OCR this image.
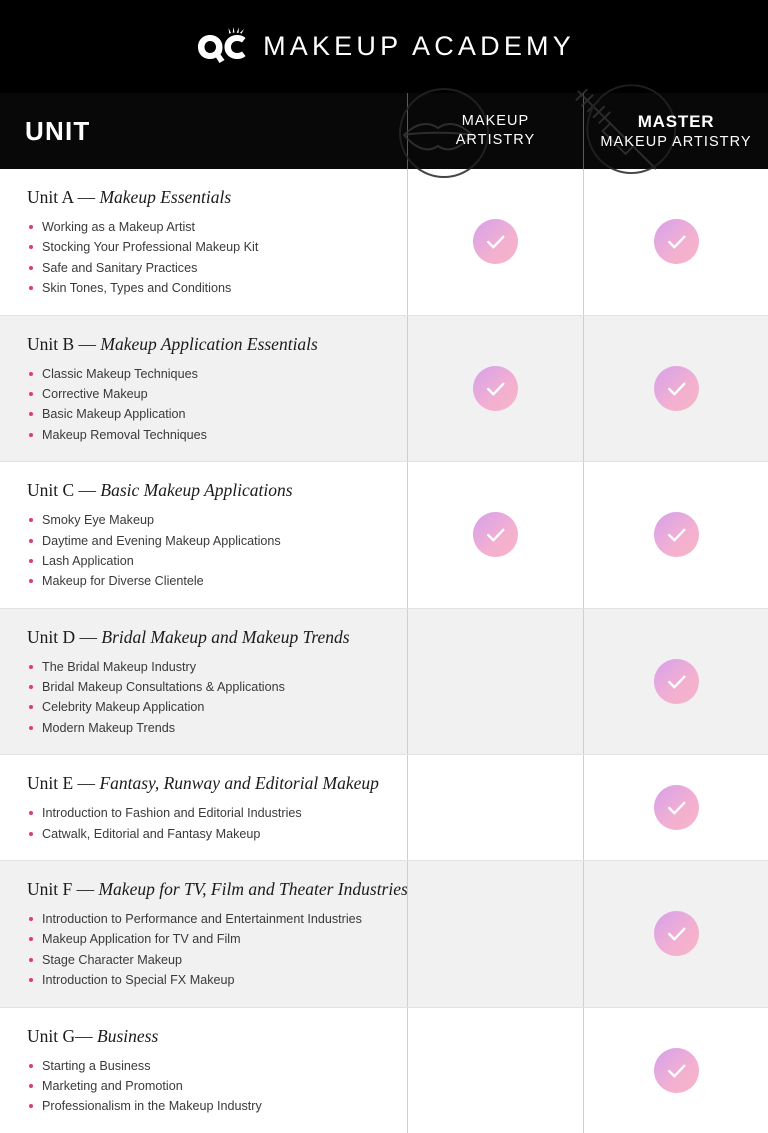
MAKEUP ACADEMY
UNIT	MAKEUP
ARTISTRY
MASTER
MAKEUP ARTISTRY
Unit A — Makeup Essentials
Working as a Makeup Artist
Stocking Your Professional Makeup Kit
Safe and Sanitary Practices
Skin Tones, Types and Conditions
Unit B — Makeup Application Essentials
Classic Makeup Techniques
Corrective Makeup
Basic Makeup Application
Makeup Removal Techniques
Unit C — Basic Makeup Applications
Smoky Eye Makeup
Daytime and Evening Makeup Applications
Lash Application
Makeup for Diverse Clientele
Unit D — Bridal Makeup and Makeup Trends
The Bridal Makeup Industry
Bridal Makeup Consultations & Applications
Celebrity Makeup Application
Modern Makeup Trends
Unit E — Fantasy, Runway and Editorial Makeup
Introduction to Fashion and Editorial Industries
Catwalk, Editorial and Fantasy Makeup
Unit F — Makeup for TV, Film and Theater Industries
Introduction to Performance and Entertainment Industries
Makeup Application for TV and Film
Stage Character Makeup
Introduction to Special FX Makeup
Unit G— Business
Starting a Business
Marketing and Promotion
Professionalism in the Makeup Industry
